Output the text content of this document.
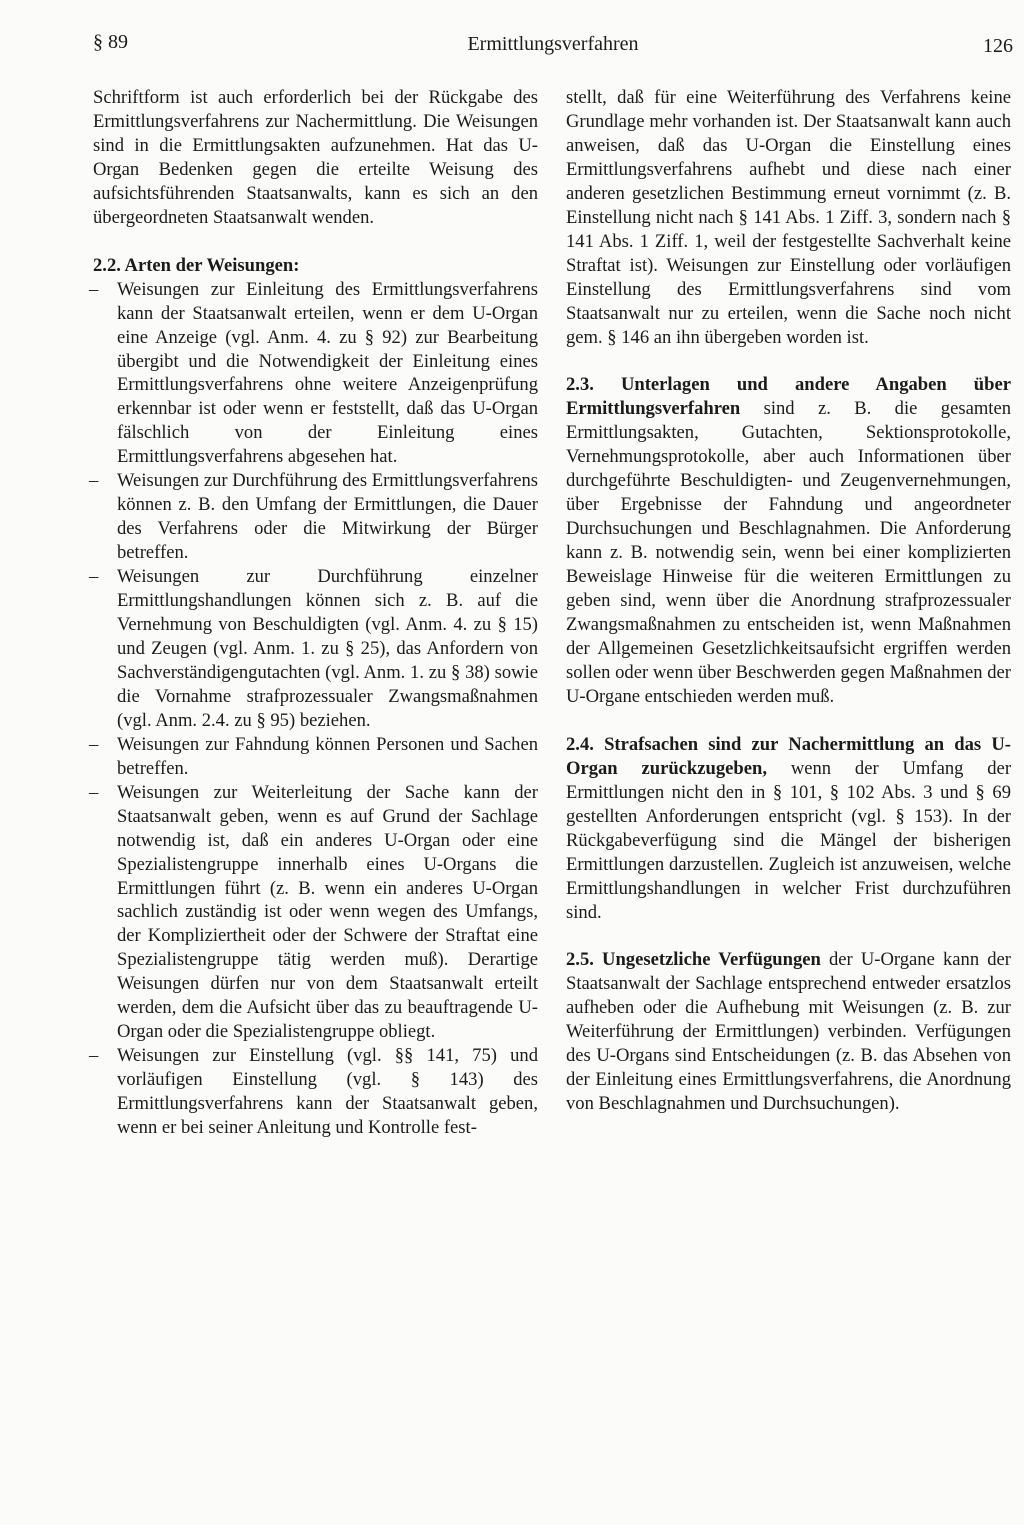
§ 89	Ermittlungsverfahren	126

Schriftform ist auch erforderlich bei der Rückgabe des Ermittlungsverfahrens zur Nachermittlung. Die Weisungen sind in die Ermittlungsakten aufzunehmen. Hat das U-Organ Bedenken gegen die erteilte Weisung des aufsichtsführenden Staatsanwalts, kann es sich an den übergeordneten Staatsanwalt wenden.

2.2. Arten der Weisungen:

– Weisungen zur Einleitung des Ermittlungsverfahrens kann der Staatsanwalt erteilen, wenn er dem U-Organ eine Anzeige (vgl. Anm. 4. zu § 92) zur Bearbeitung übergibt und die Notwendigkeit der Einleitung eines Ermittlungsverfahrens ohne weitere Anzeigenprüfung erkennbar ist oder wenn er feststellt, daß das U-Organ fälschlich von der Einleitung eines Ermittlungsverfahrens abgesehen hat.
– Weisungen zur Durchführung des Ermittlungsverfahrens können z. B. den Umfang der Ermittlungen, die Dauer des Verfahrens oder die Mitwirkung der Bürger betreffen.
– Weisungen zur Durchführung einzelner Ermittlungshandlungen können sich z. B. auf die Vernehmung von Beschuldigten (vgl. Anm. 4. zu § 15) und Zeugen (vgl. Anm. 1. zu § 25), das Anfordern von Sachverständigengutachten (vgl. Anm. 1. zu § 38) sowie die Vornahme strafprozessualer Zwangsmaßnahmen (vgl. Anm. 2.4. zu § 95) beziehen.
– Weisungen zur Fahndung können Personen und Sachen betreffen.
– Weisungen zur Weiterleitung der Sache kann der Staatsanwalt geben, wenn es auf Grund der Sachlage notwendig ist, daß ein anderes U-Organ oder eine Spezialistengruppe innerhalb eines U-Organs die Ermittlungen führt (z. B. wenn ein anderes U-Organ sachlich zuständig ist oder wenn wegen des Umfangs, der Kompliziertheit oder der Schwere der Straftat eine Spezialistengruppe tätig werden muß). Derartige Weisungen dürfen nur von dem Staatsanwalt erteilt werden, dem die Aufsicht über das zu beauftragende U-Organ oder die Spezialistengruppe obliegt.
– Weisungen zur Einstellung (vgl. §§ 141, 75) und vorläufigen Einstellung (vgl. § 143) des Ermittlungsverfahrens kann der Staatsanwalt geben, wenn er bei seiner Anleitung und Kontrolle fest-

stellt, daß für eine Weiterführung des Verfahrens keine Grundlage mehr vorhanden ist. Der Staatsanwalt kann auch anweisen, daß das U-Organ die Einstellung eines Ermittlungsverfahrens aufhebt und diese nach einer anderen gesetzlichen Bestimmung erneut vornimmt (z. B. Einstellung nicht nach § 141 Abs. 1 Ziff. 3, sondern nach § 141 Abs. 1 Ziff. 1, weil der festgestellte Sachverhalt keine Straftat ist). Weisungen zur Einstellung oder vorläufigen Einstellung des Ermittlungsverfahrens sind vom Staatsanwalt nur zu erteilen, wenn die Sache noch nicht gem. § 146 an ihn übergeben worden ist.

2.3. Unterlagen und andere Angaben über Ermittlungsverfahren sind z. B. die gesamten Ermittlungsakten, Gutachten, Sektionsprotokolle, Vernehmungsprotokolle, aber auch Informationen über durchgeführte Beschuldigten- und Zeugenvernehmungen, über Ergebnisse der Fahndung und angeordneter Durchsuchungen und Beschlagnahmen. Die Anforderung kann z. B. notwendig sein, wenn bei einer komplizierten Beweislage Hinweise für die weiteren Ermittlungen zu geben sind, wenn über die Anordnung strafprozessualer Zwangsmaßnahmen zu entscheiden ist, wenn Maßnahmen der Allgemeinen Gesetzlichkeitsaufsicht ergriffen werden sollen oder wenn über Beschwerden gegen Maßnahmen der U-Organe entschieden werden muß.

2.4. Strafsachen sind zur Nachermittlung an das U-Organ zurückzugeben, wenn der Umfang der Ermittlungen nicht den in § 101, § 102 Abs. 3 und § 69 gestellten Anforderungen entspricht (vgl. § 153). In der Rückgabeverfügung sind die Mängel der bisherigen Ermittlungen darzustellen. Zugleich ist anzuweisen, welche Ermittlungshandlungen in welcher Frist durchzuführen sind.

2.5. Ungesetzliche Verfügungen der U-Organe kann der Staatsanwalt der Sachlage entsprechend entweder ersatzlos aufheben oder die Aufhebung mit Weisungen (z. B. zur Weiterführung der Ermittlungen) verbinden. Verfügungen des U-Organs sind Entscheidungen (z. B. das Absehen von der Einleitung eines Ermittlungsverfahrens, die Anordnung von Beschlagnahmen und Durchsuchungen).
